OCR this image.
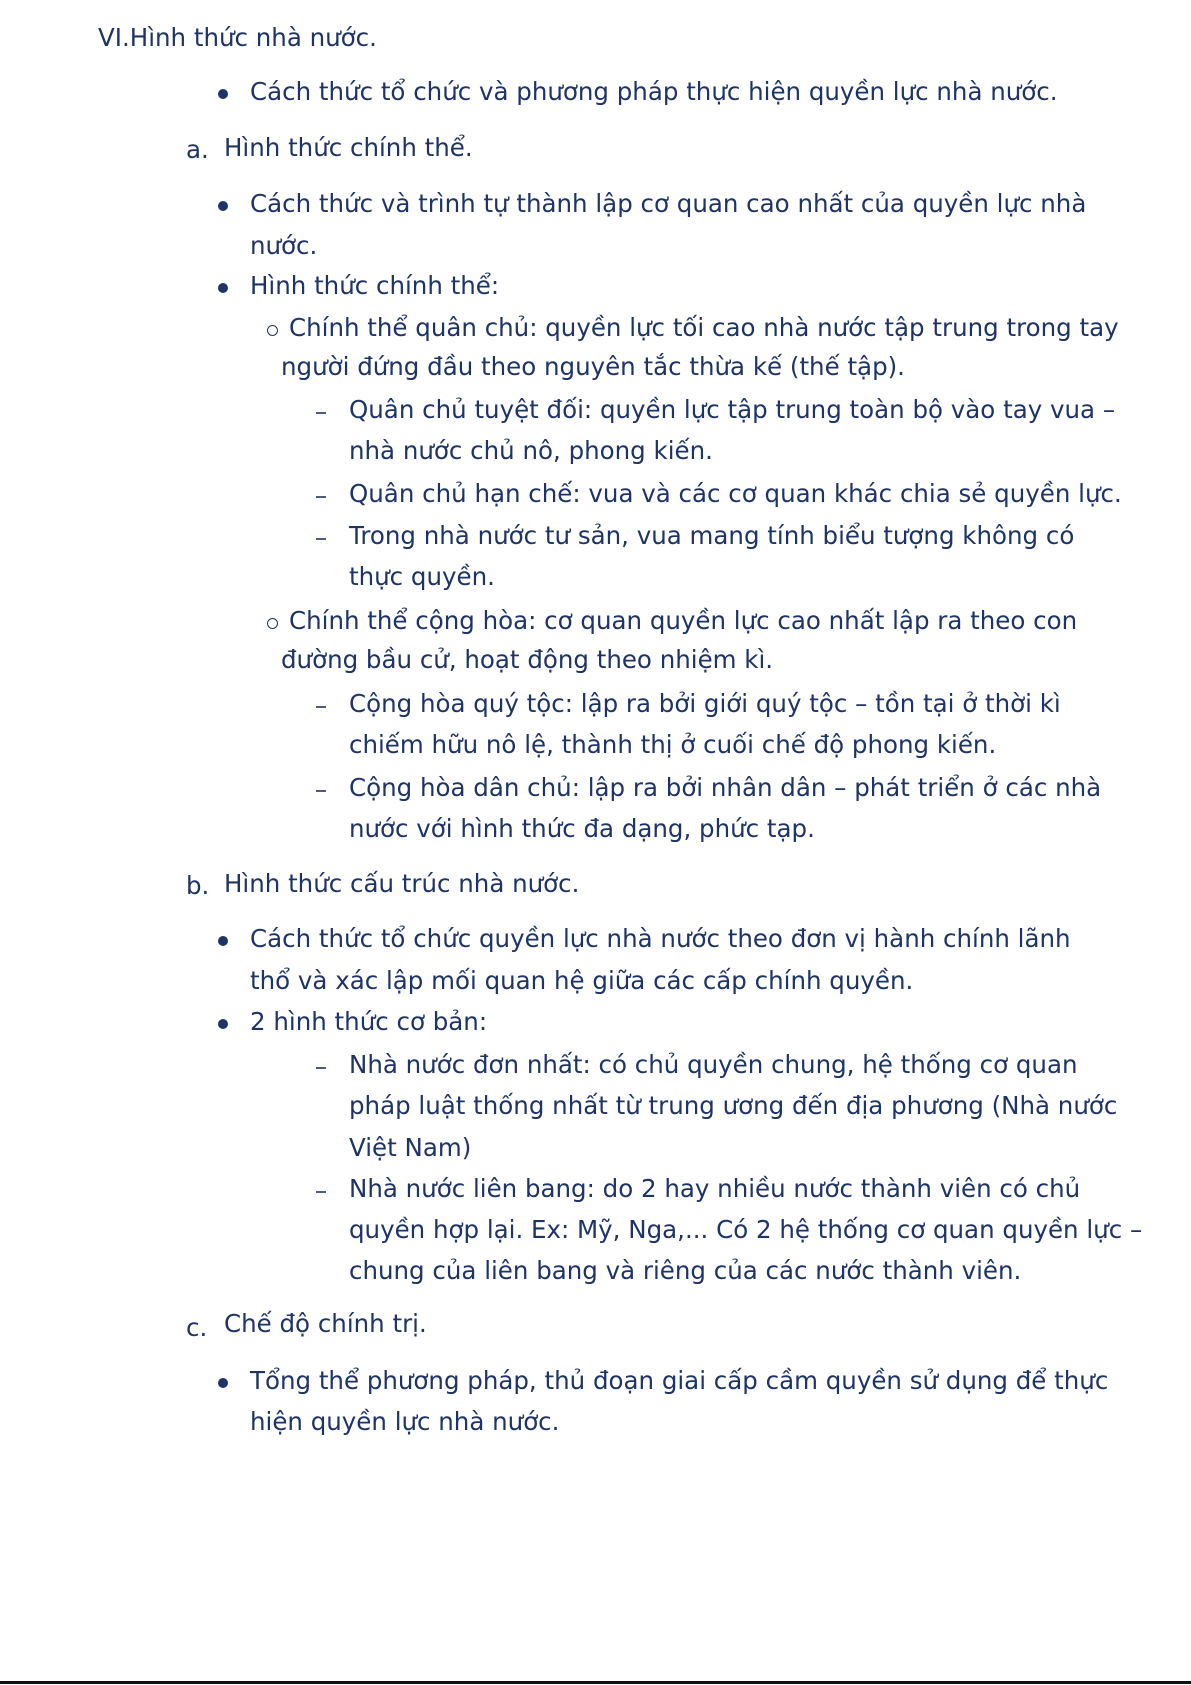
VI.Hình thức nhà nước.
Cách thức tổ chức và phương pháp thực hiện quyền lực nhà nước.
a. Hình thức chính thể.
Cách thức và trình tự thành lập cơ quan cao nhất của quyền lực nhà
nước.
Hình thức chính thể:
Chính thể quân chủ: quyền lực tối cao nhà nước tập trung trong tay
người đứng đầu theo nguyên tắc thừa kế (thế tập).
Quân chủ tuyệt đối: quyền lực tập trung toàn bộ vào tay vua –
nhà nước chủ nô, phong kiến.
Quân chủ hạn chế: vua và các cơ quan khác chia sẻ quyền lực.
Trong nhà nước tư sản, vua mang tính biểu tượng không có
thực quyền.
Chính thể cộng hòa: cơ quan quyền lực cao nhất lập ra theo con
đường bầu cử, hoạt động theo nhiệm kì.
Cộng hòa quý tộc: lập ra bởi giới quý tộc – tồn tại ở thời kì
chiếm hữu nô lệ, thành thị ở cuối chế độ phong kiến.
Cộng hòa dân chủ: lập ra bởi nhân dân – phát triển ở các nhà
nước với hình thức đa dạng, phức tạp.
b. Hình thức cấu trúc nhà nước.
Cách thức tổ chức quyền lực nhà nước theo đơn vị hành chính lãnh
thổ và xác lập mối quan hệ giữa các cấp chính quyền.
2 hình thức cơ bản:
Nhà nước đơn nhất: có chủ quyền chung, hệ thống cơ quan
pháp luật thống nhất từ trung ương đến địa phương (Nhà nước
Việt Nam)
Nhà nước liên bang: do 2 hay nhiều nước thành viên có chủ
quyền hợp lại. Ex: Mỹ, Nga,... Có 2 hệ thống cơ quan quyền lực –
chung của liên bang và riêng của các nước thành viên.
c. Chế độ chính trị.
Tổng thể phương pháp, thủ đoạn giai cấp cầm quyền sử dụng để thực
hiện quyền lực nhà nước.
